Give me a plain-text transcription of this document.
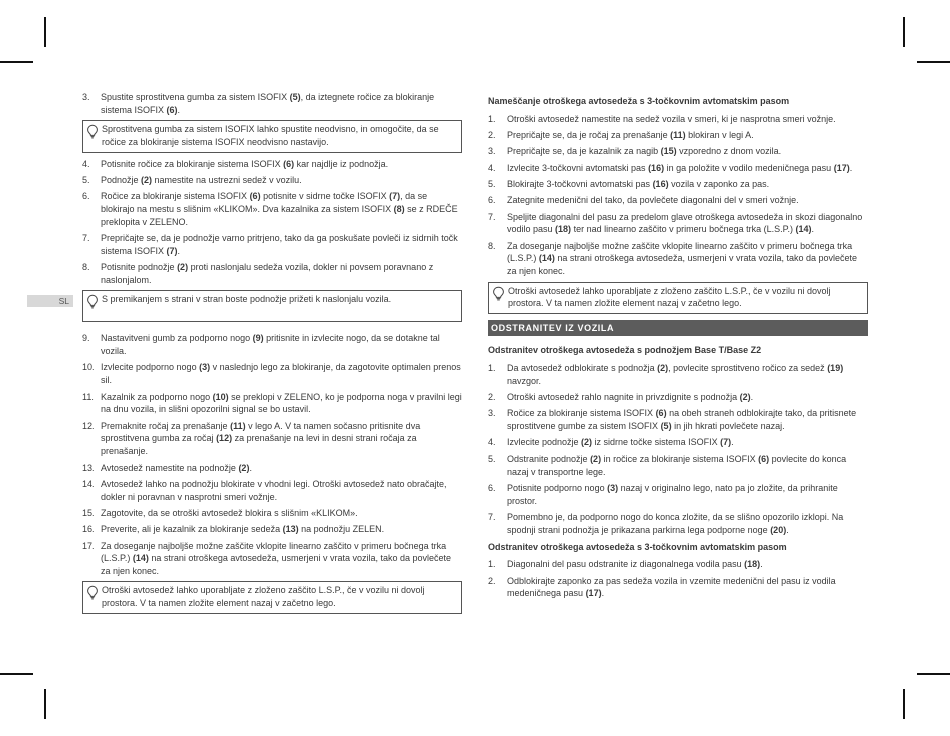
SL
3.	Spustite sprostitvena gumba za sistem ISOFIX (5), da iztegnete ročice za blokiranje sistema ISOFIX (6).
Sprostitvena gumba za sistem ISOFIX lahko spustite neodvisno, in omogočite, da se ročice za blokiranje sistema ISOFIX neodvisno nastavijo.
4.	Potisnite ročice za blokiranje sistema ISOFIX (6) kar najdlje iz podnožja.
5.	Podnožje (2) namestite na ustrezni sedež v vozilu.
6.	Ročice za blokiranje sistema ISOFIX (6) potisnite v sidrne točke ISOFIX (7), da se blokirajo na mestu s slišnim «KLIKOM». Dva kazalnika za sistem ISOFIX (8) se z RDEČE preklopita v ZELENO.
7.	Prepričajte se, da je podnožje varno pritrjeno, tako da ga poskušate povleči iz sidrnih točk sistema ISOFIX (7).
8.	Potisnite podnožje (2) proti naslonjalu sedeža vozila, dokler ni povsem poravnano z naslonjalom.
S premikanjem s strani v stran boste podnožje prižeti k naslonjalu vozila.
9.	Nastavitveni gumb za podporno nogo (9) pritisnite in izvlecite nogo, da se dotakne tal vozila.
10. Izvlecite podporno nogo (3) v naslednjo lego za blokiranje, da zagotovite optimalen prenos sil.
11. Kazalnik za podporno nogo (10) se preklopi v ZELENO, ko je podporna noga v pravilni legi na dnu vozila, in slišni opozorilni signal se bo ustavil.
12. Premaknite ročaj za prenašanje (11) v lego A. V ta namen sočasno pritisnite dva sprostitvena gumba za ročaj (12) za prenašanje na levi in desni strani ročaja za prenašanje.
13. Avtosedež namestite na podnožje (2).
14. Avtosedež lahko na podnožju blokirate v vhodni legi. Otroški avtosedež nato obračajte, dokler ni poravnan v nasprotni smeri vožnje.
15. Zagotovite, da se otroški avtosedež blokira s slišnim «KLIKOM».
16. Preverite, ali je kazalnik za blokiranje sedeža (13) na podnožju ZELEN.
17. Za doseganje najboljše možne zaščite vklopite linearno zaščito v primeru bočnega trka (L.S.P.) (14) na strani otroškega avtosedeža, usmerjeni v vrata vozila, tako da povlečete za njen konec.
Otroški avtosedež lahko uporabljate z zloženo zaščito L.S.P., če v vozilu ni dovolj prostora. V ta namen zložite element nazaj v začetno lego.
Nameščanje otroškega avtosedeža s 3-točkovnim avtomatskim pasom
1.	Otroški avtosedež namestite na sedež vozila v smeri, ki je nasprotna smeri vožnje.
2.	Prepričajte se, da je ročaj za prenašanje (11) blokiran v legi A.
3.	Prepričajte se, da je kazalnik za nagib (15) vzporedno z dnom vozila.
4.	Izvlecite 3-točkovni avtomatski pas (16) in ga položite v vodilo medeničnega pasu (17).
5.	Blokirajte 3-točkovni avtomatski pas (16) vozila v zaponko za pas.
6.	Zategnite medenični del tako, da povlečete diagonalni del v smeri vožnje.
7.	Speljite diagonalni del pasu za predelom glave otroškega avtosedeža in skozi diagonalno vodilo pasu (18) ter nad linearno zaščito v primeru bočnega trka (L.S.P.) (14).
8.	Za doseganje najboljše možne zaščite vklopite linearno zaščito v primeru bočnega trka (L.S.P.) (14) na strani otroškega avtosedeža, usmerjeni v vrata vozila, tako da povlečete za njen konec.
Otroški avtosedež lahko uporabljate z zloženo zaščito L.S.P., če v vozilu ni dovolj prostora. V ta namen zložite element nazaj v začetno lego.
ODSTRANITEV IZ VOZILA
Odstranitev otroškega avtosedeža s podnožjem Base T/Base Z2
1.	Da avtosedež odblokirate s podnožja (2), povlecite sprostitveno ročico za sedež (19) navzgor.
2.	Otroški avtosedež rahlo nagnite in privzdignite s podnožja (2).
3.	Ročice za blokiranje sistema ISOFIX (6) na obeh straneh odblokirajte tako, da pritisnete sprostitvene gumbe za sistem ISOFIX (5) in jih hkrati povlečete nazaj.
4.	Izvlecite podnožje (2) iz sidrne točke sistema ISOFIX (7).
5.	Odstranite podnožje (2) in ročice za blokiranje sistema ISOFIX (6) povlecite do konca nazaj v transportne lege.
6.	Potisnite podporno nogo (3) nazaj v originalno lego, nato pa jo zložite, da prihranite prostor.
7.	Pomembno je, da podporno nogo do konca zložite, da se slišno opozorilo izklopi. Na spodnji strani podnožja je prikazana parkirna lega podporne noge (20).
Odstranitev otroškega avtosedeža s 3-točkovnim avtomatskim pasom
1.	Diagonalni del pasu odstranite iz diagonalnega vodila pasu (18).
2.	Odblokirajte zaponko za pas sedeža vozila in vzemite medenični del pasu iz vodila medeničnega pasu (17).
